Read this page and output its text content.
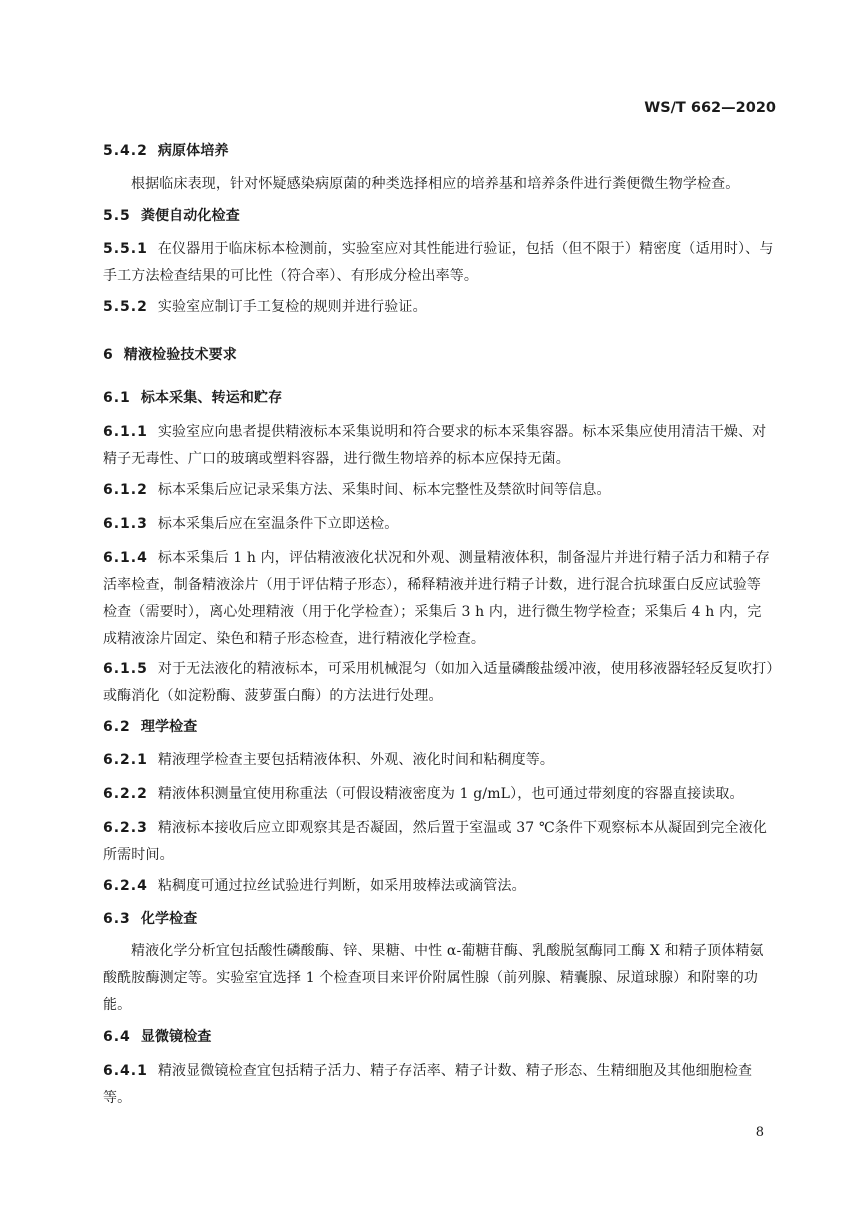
WS/T 662—2020
5.4.2 病原体培养

根据临床表现，针对怀疑感染病原菌的种类选择相应的培养基和培养条件进行粪便微生物学检查。

5.5 粪便自动化检查

5.5.1 在仪器用于临床标本检测前，实验室应对其性能进行验证，包括（但不限于）精密度（适用时）、与手工方法检查结果的可比性（符合率）、有形成分检出率等。

5.5.2 实验室应制订手工复检的规则并进行验证。

6 精液检验技术要求
6.1 标本采集、转运和贮存

6.1.1 实验室应向患者提供精液标本采集说明和符合要求的标本采集容器。标本采集应使用清洁干燥、对精子无毒性、广口的玻璃或塑料容器，进行微生物培养的标本应保持无菌。

6.1.2 标本采集后应记录采集方法、采集时间、标本完整性及禁欲时间等信息。

6.1.3 标本采集后应在室温条件下立即送检。

6.1.4 标本采集后 1 h 内，评估精液液化状况和外观、测量精液体积，制备湿片并进行精子活力和精子存活率检查，制备精液涂片（用于评估精子形态），稀释精液并进行精子计数，进行混合抗球蛋白反应试验等检查（需要时），离心处理精液（用于化学检查）；采集后 3 h 内，进行微生物学检查；采集后 4 h 内，完成精液涂片固定、染色和精子形态检查，进行精液化学检查。

6.1.5 对于无法液化的精液标本，可采用机械混匀（如加入适量磷酸盐缓冲液，使用移液器轻轻反复吹打）或酶消化（如淀粉酶、菠萝蛋白酶）的方法进行处理。

6.2 理学检查

6.2.1 精液理学检查主要包括精液体积、外观、液化时间和粘稠度等。

6.2.2 精液体积测量宜使用称重法（可假设精液密度为 1 g/mL），也可通过带刻度的容器直接读取。

6.2.3 精液标本接收后应立即观察其是否凝固，然后置于室温或 37 ℃条件下观察标本从凝固到完全液化所需时间。

6.2.4 粘稠度可通过拉丝试验进行判断，如采用玻棒法或滴管法。

6.3 化学检查

精液化学分析宜包括酸性磷酸酶、锌、果糖、中性 α-葡糖苷酶、乳酸脱氢酶同工酶 X 和精子顶体精氨酸酰胺酶测定等。实验室宜选择 1 个检查项目来评价附属性腺（前列腺、精囊腺、尿道球腺）和附睾的功能。

6.4 显微镜检查

6.4.1 精液显微镜检查宜包括精子活力、精子存活率、精子计数、精子形态、生精细胞及其他细胞检查等。

8
